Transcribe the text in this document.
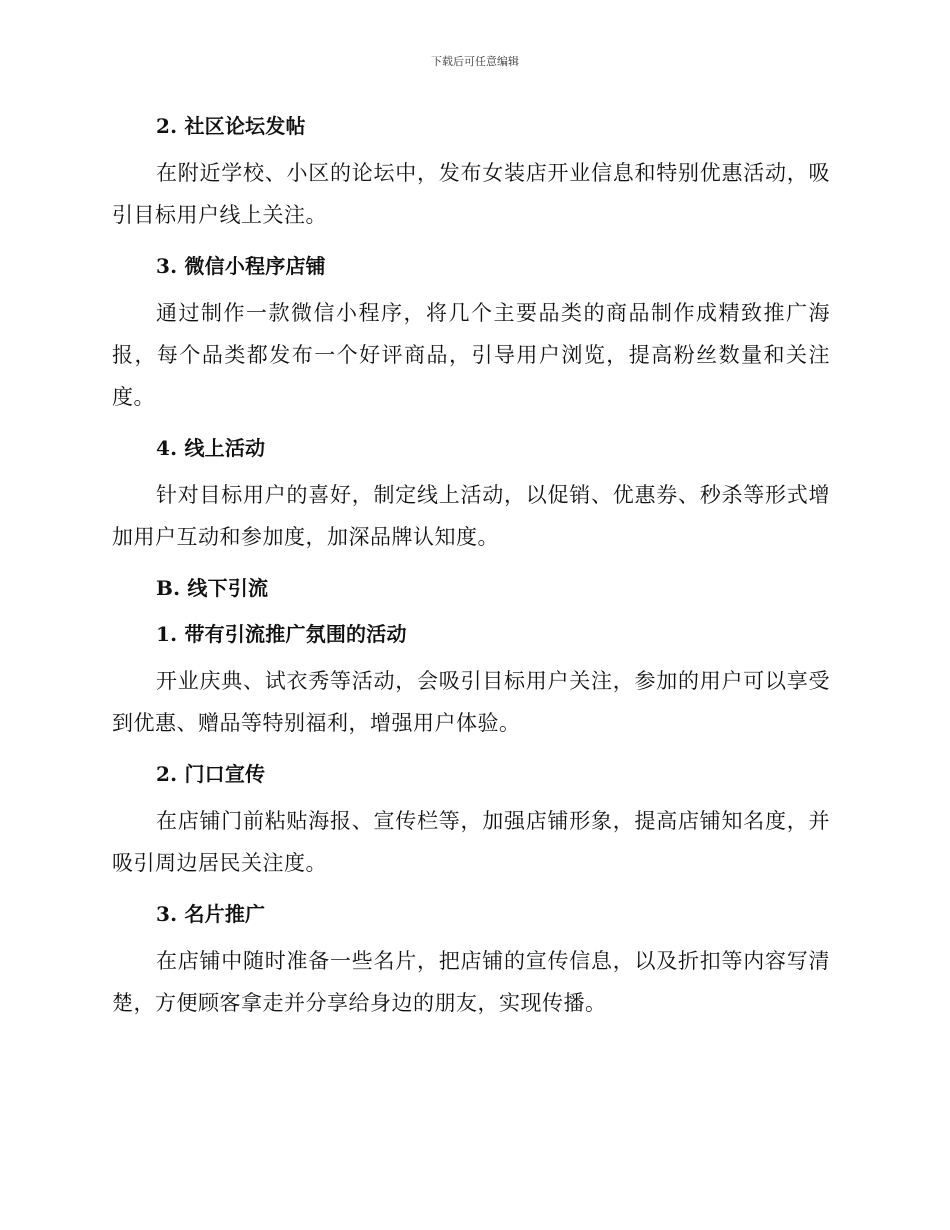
下载后可任意编辑
2. 社区论坛发帖

在附近学校、小区的论坛中，发布女装店开业信息和特别优惠活动，吸引目标用户线上关注。

3. 微信小程序店铺

通过制作一款微信小程序，将几个主要品类的商品制作成精致推广海报，每个品类都发布一个好评商品，引导用户浏览，提高粉丝数量和关注度。

4. 线上活动

针对目标用户的喜好，制定线上活动，以促销、优惠券、秒杀等形式增加用户互动和参加度，加深品牌认知度。

B. 线下引流
1. 带有引流推广氛围的活动

开业庆典、试衣秀等活动，会吸引目标用户关注，参加的用户可以享受到优惠、赠品等特别福利，增强用户体验。

2. 门口宣传

在店铺门前粘贴海报、宣传栏等，加强店铺形象，提高店铺知名度，并吸引周边居民关注度。

3. 名片推广

在店铺中随时准备一些名片，把店铺的宣传信息，以及折扣等内容写清楚，方便顾客拿走并分享给身边的朋友，实现传播。
